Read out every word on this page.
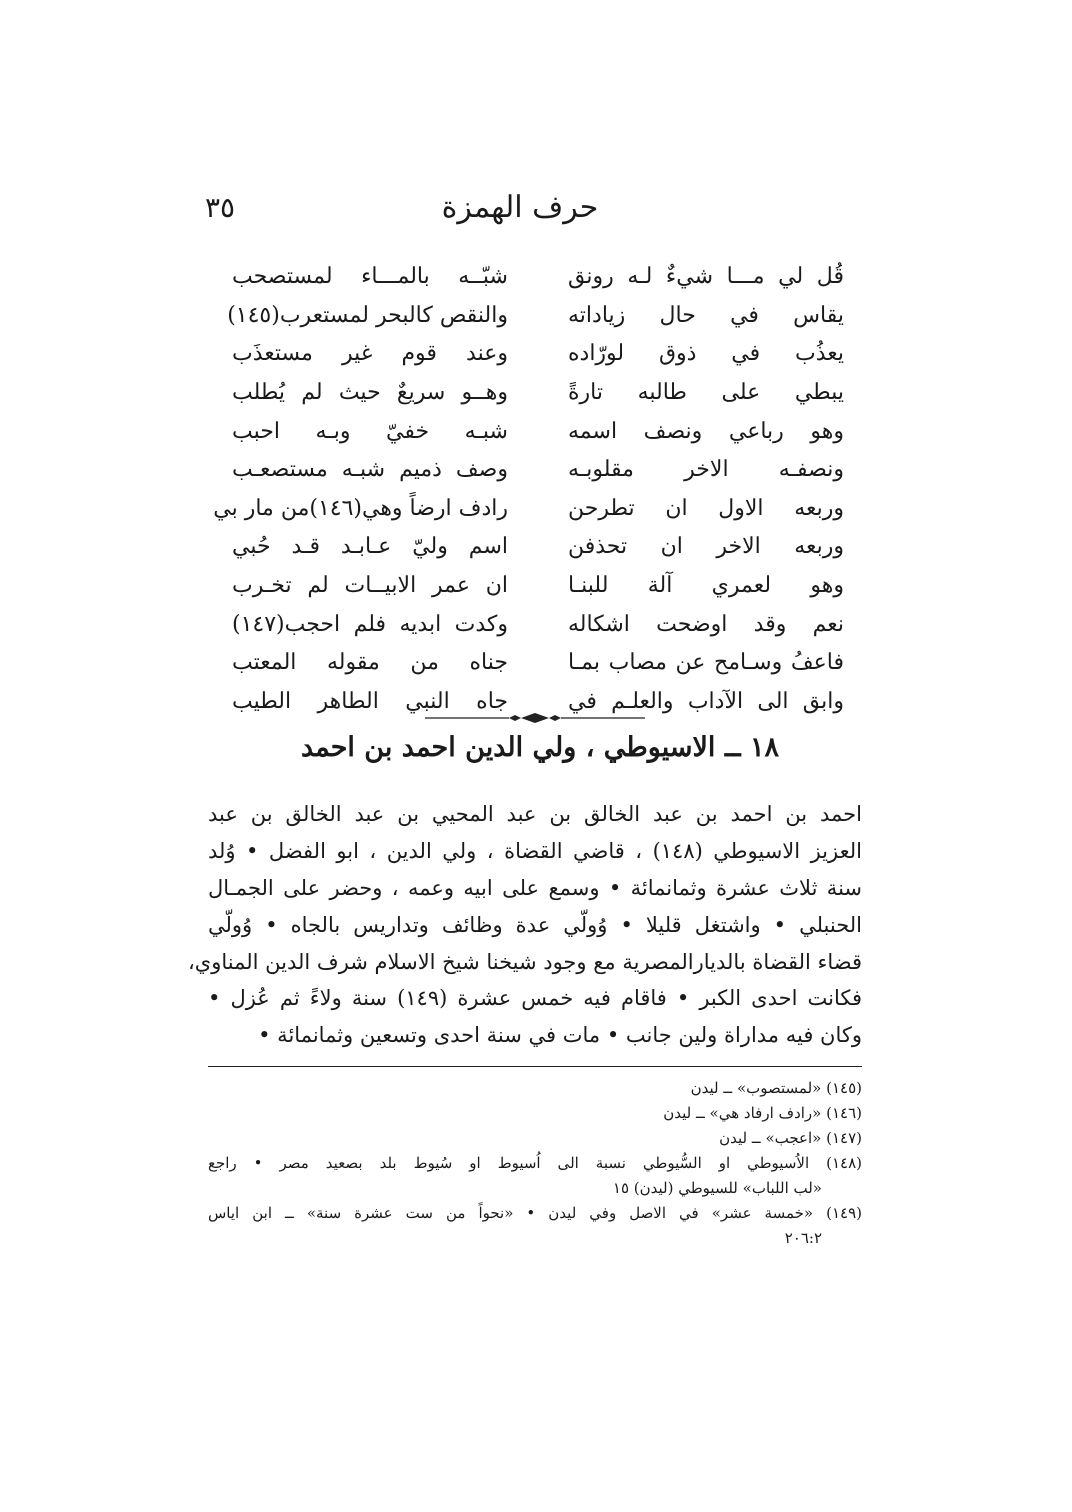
حرف الهمزة
٣٥
قُل لي مـــا شيءٌ لـه رونق
شبّــه بالمـــاء لمستصحب
يقاس في حال زياداته
والنقص كالبحر لمستعرب(١٤٥)
يعذُب في ذوق لورّاده
وعند قوم غير مستعذَب
يبطي على طالبه تارةً
وهــو سريعٌ حيث لم يُطلب
وهو رباعي ونصف اسمه
شبـه خفيّ وبـه احبب
ونصفـه الاخر مقلوبـه
وصف ذميم شبـه مستصعـب
وربعه الاول ان تطرحن
رادف ارضاً وهي(١٤٦)من مار بي
وربعه الاخر ان تحذفن
اسم وليّ عـابـد قـد حُبي
وهو لعمري آلة للبنـا
ان عمر الابيــات لم تخـرب
نعم وقد اوضحت اشكاله
وكدت ابديه فلم احجب(١٤٧)
فاعفُ وسـامح عن مصاب بمـا
جناه من مقوله المعتب
وابق الى الآداب والعلـم في
جاه النبي الطاهر الطيب
١٨ ــ الاسيوطي ، ولي الدين احمد بن احمد
احمد بن احمد بن عبد الخالق بن عبد المحيي بن عبد الخالق بن عبد
العزيز الاسيوطي (١٤٨) ، قاضي القضاة ، ولي الدين ، ابو الفضل • وُلد
سنة ثلاث عشرة وثمانمائة • وسمع على ابيه وعمه ، وحضر على الجمـال
الحنبلي • واشتغل قليلا • وُولّي عدة وظائف وتداريس بالجاه • وُولّي
قضاء القضاة بالديارالمصرية مع وجود شيخنا شيخ الاسلام شرف الدين المناوي،
فكانت احدى الكبر • فاقام فيه خمس عشرة (١٤٩) سنة ولاءً ثم عُزل •
وكان فيه مداراة ولين جانب • مات في سنة احدى وتسعين وثمانمائة •
(١٤٥) «لمستصوب» ــ ليدن
(١٤٦) «رادف ارفاد هي» ــ ليدن
(١٤٧) «اعجب» ــ ليدن
(١٤٨) الاُسيوطي او السُّيوطي نسبة الى اُسيوط او سُيوط بلد بصعيد مصر • راجع
«لب اللباب» للسيوطي (ليدن) ١٥
(١٤٩) «خمسة عشر» في الاصل وفي ليدن • «نحواً من ست عشرة سنة» ــ ابن اياس
٢٠٦:٢
